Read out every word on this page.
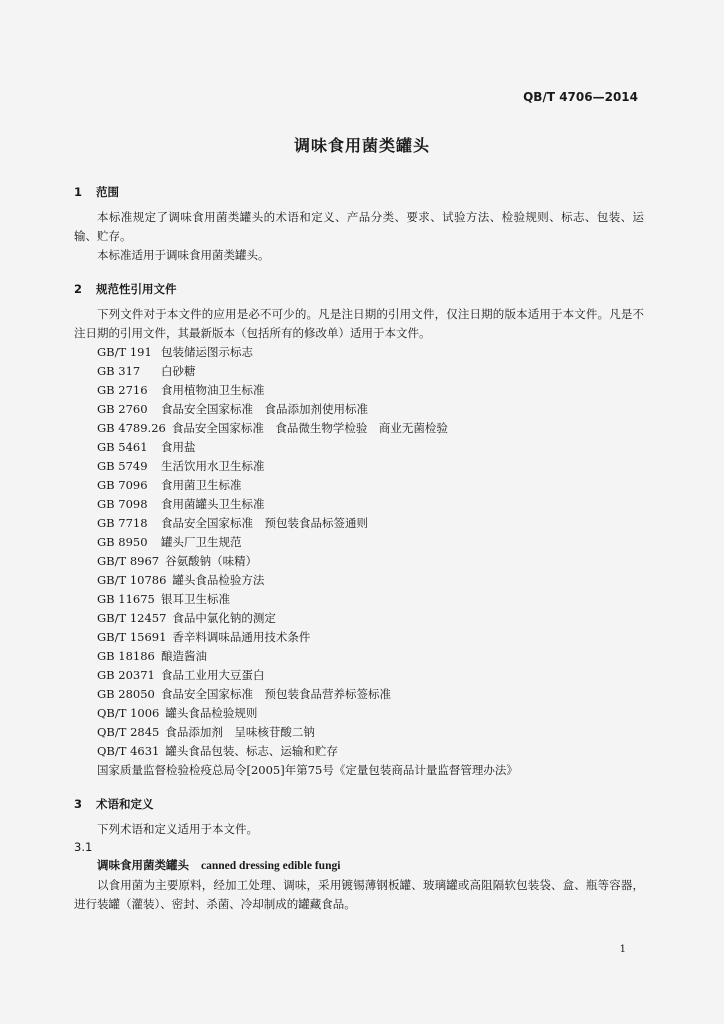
QB/T 4706—2014
调味食用菌类罐头
1 范围

本标准规定了调味食用菌类罐头的术语和定义、产品分类、要求、试验方法、检验规则、标志、包装、运输、贮存。

本标准适用于调味食用菌类罐头。

2 规范性引用文件

下列文件对于本文件的应用是必不可少的。凡是注日期的引用文件，仅注日期的版本适用于本文件。凡是不注日期的引用文件，其最新版本（包括所有的修改单）适用于本文件。

GB/T 191 包装储运图示标志
GB 317 白砂糖
GB 2716 食用植物油卫生标准
GB 2760 食品安全国家标准　食品添加剂使用标准
GB 4789.26 食品安全国家标准　食品微生物学检验　商业无菌检验
GB 5461 食用盐
GB 5749 生活饮用水卫生标准
GB 7096 食用菌卫生标准
GB 7098 食用菌罐头卫生标准
GB 7718 食品安全国家标准　预包装食品标签通则
GB 8950 罐头厂卫生规范
GB/T 8967 谷氨酸钠（味精）
GB/T 10786 罐头食品检验方法
GB 11675 银耳卫生标准
GB/T 12457 食品中氯化钠的测定
GB/T 15691 香辛料调味品通用技术条件
GB 18186 酿造酱油
GB 20371 食品工业用大豆蛋白
GB 28050 食品安全国家标准　预包装食品营养标签标准
QB/T 1006 罐头食品检验规则
QB/T 2845 食品添加剂　呈味核苷酸二钠
QB/T 4631 罐头食品包装、标志、运输和贮存

国家质量监督检验检疫总局令[2005]年第75号《定量包装商品计量监督管理办法》

3 术语和定义

下列术语和定义适用于本文件。

3.1
调味食用菌类罐头 canned dressing edible fungi

以食用菌为主要原料，经加工处理、调味，采用镀锡薄钢板罐、玻璃罐或高阻隔软包装袋、盒、瓶等容器，进行装罐（灌装）、密封、杀菌、冷却制成的罐藏食品。

1
